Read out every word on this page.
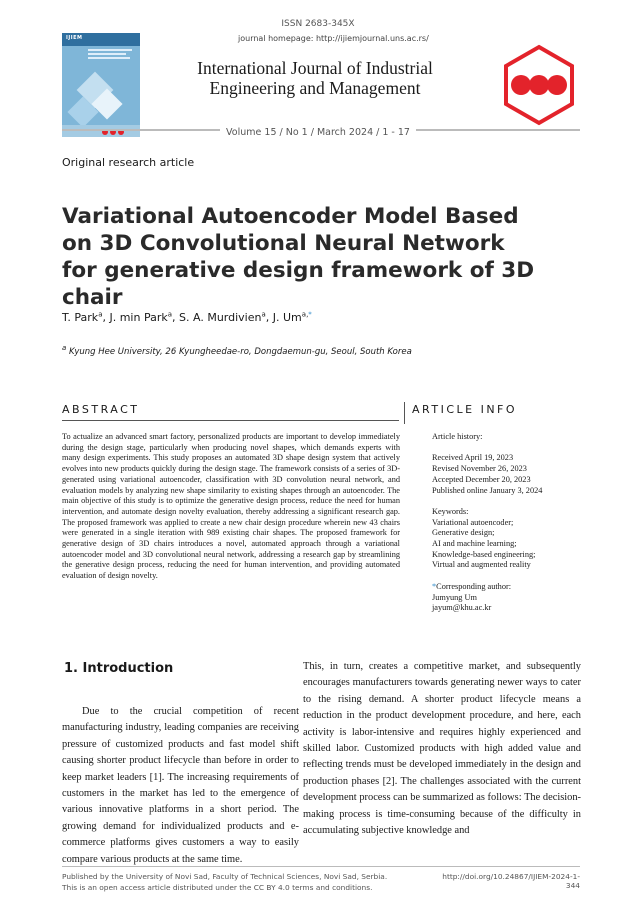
ISSN 2683-345X
journal homepage: http://ijiemjournal.uns.ac.rs/
IJIEM
International Journal of Industrial
Engineering and Management
Volume 15 / No 1 / March 2024 / 1 - 17
Original research article
Variational Autoencoder Model Based on 3D Convolutional Neural Network for generative design framework of 3D chair
T. Park$^a$, J. min Park$^a$, S. A. Murdivien$^a$, J. $Um^{a,*}$
$^a$ Kyung Hee University, 26 Kyungheedae-ro, Dongdaemun-gu, Seoul, South Korea
ABSTRACT	ARTICLE INFO
To actualize an advanced smart factory, personalized products are important to develop immediately during the design stage, particularly when producing novel shapes, which demands experts with many design experiments. This study proposes an automated 3D shape design system that actively evolves into new products quickly during the design stage. The framework consists of a series of 3D-generated using variational autoencoder, classification with 3D convolution neural network, and evaluation models by analyzing new shape similarity to existing shapes through an autoencoder. The main objective of this study is to optimize the generative design process, reduce the need for human intervention, and automate design novelty evaluation, thereby addressing a significant research gap. The proposed framework was applied to create a new chair design procedure wherein new 43 chairs were generated in a single iteration with 989 existing chair shapes. The proposed framework for generative design of 3D chairs introduces a novel, automated approach through a variational autoencoder model and 3D convolutional neural network, addressing a research gap by streamlining the generative design process, reducing the need for human intervention, and providing automated evaluation of design novelty.

Article history:

Received April 19, 2023

Revised November 26, 2023

Accepted December 20, 2023

Published online January 3, 2024

Keywords:

Variational autoencoder;

Generative design;

AI and machine learning;

Knowledge-based engineering;

Virtual and augmented reality

*Corresponding author:

Jumyung Um

jayum@khu.ac.kr

1. Introduction
Due to the crucial competition of recent manufacturing industry, leading companies are receiving pressure of customized products and fast model shift causing shorter product lifecycle than before in order to keep market leaders [1]. The increasing requirements of customers in the market has led to the emergence of various innovative platforms in a short period. The growing demand for individualized products and e-commerce platforms gives customers a way to easily compare various products at the same time.
This, in turn, creates a competitive market, and subsequently encourages manufacturers towards generating newer ways to cater to the rising demand. A shorter product lifecycle means a reduction in the product development procedure, and here, each activity is labor-intensive and requires highly experienced and skilled labor. Customized products with high added value and reflecting trends must be developed immediately in the design and production phases [2]. The challenges associated with the current development process can be summarized as follows: The decision-making process is time-consuming because of the difficulty in accumulating subjective knowledge and
Published by the University of Novi Sad, Faculty of Technical Sciences, Novi Sad, Serbia.
This is an open access article distributed under the CC BY 4.0 terms and conditions.
http://doi.org/10.24867/IJIEM-2024-1-344
